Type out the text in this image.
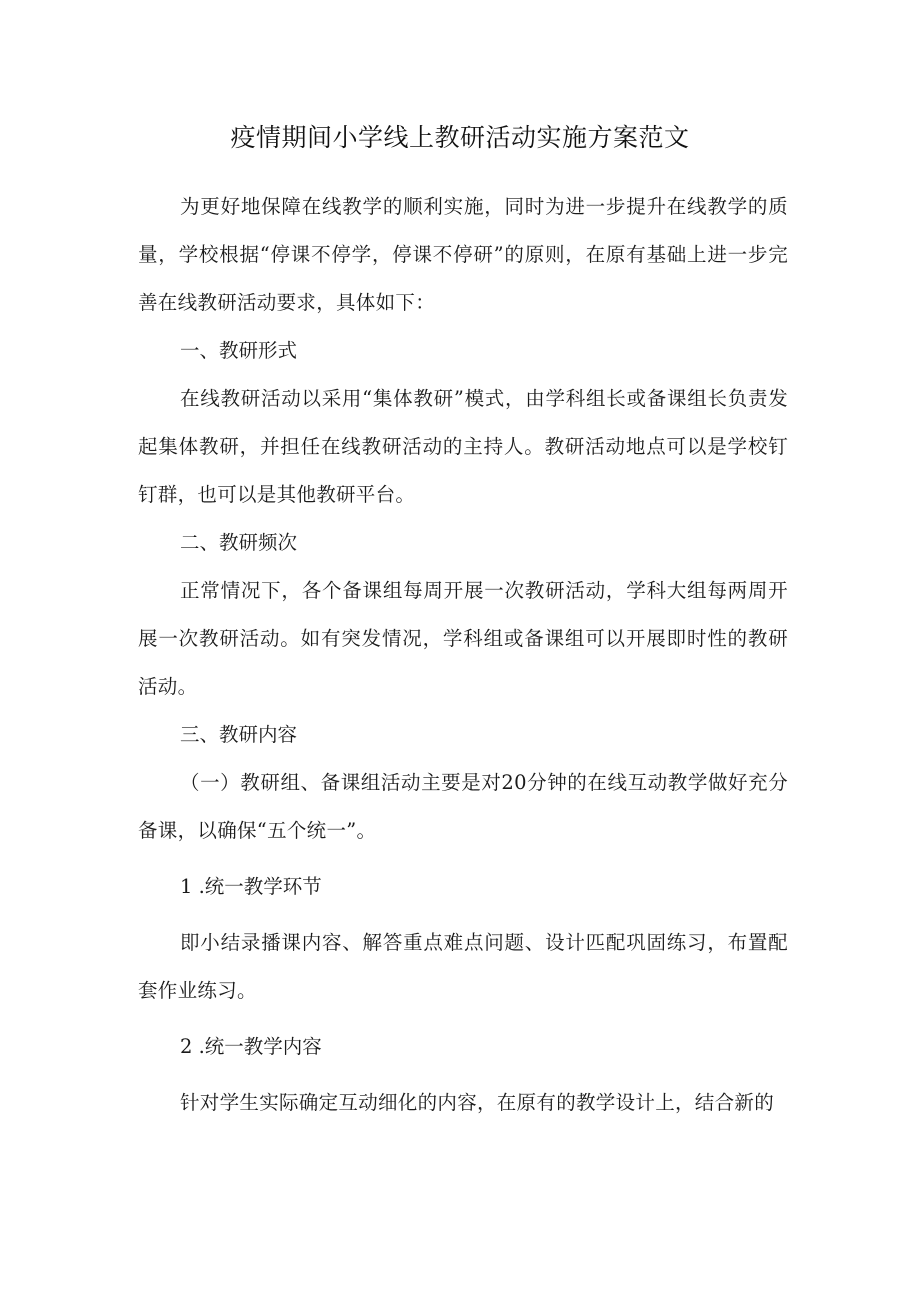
疫情期间小学线上教研活动实施方案范文

为更好地保障在线教学的顺利实施，同时为进一步提升在线教学的质量，学校根据“停课不停学，停课不停研”的原则，在原有基础上进一步完善在线教研活动要求，具体如下：

一、教研形式

在线教研活动以采用“集体教研”模式，由学科组长或备课组长负责发起集体教研，并担任在线教研活动的主持人。教研活动地点可以是学校钉钉群，也可以是其他教研平台。

二、教研频次

正常情况下，各个备课组每周开展一次教研活动，学科大组每两周开展一次教研活动。如有突发情况，学科组或备课组可以开展即时性的教研活动。

三、教研内容

（一）教研组、备课组活动主要是对20分钟的在线互动教学做好充分备课，以确保“五个统一”。

1 .统一教学环节

即小结录播课内容、解答重点难点问题、设计匹配巩固练习，布置配套作业练习。

2 .统一教学内容

针对学生实际确定互动细化的内容，在原有的教学设计上，结合新的
